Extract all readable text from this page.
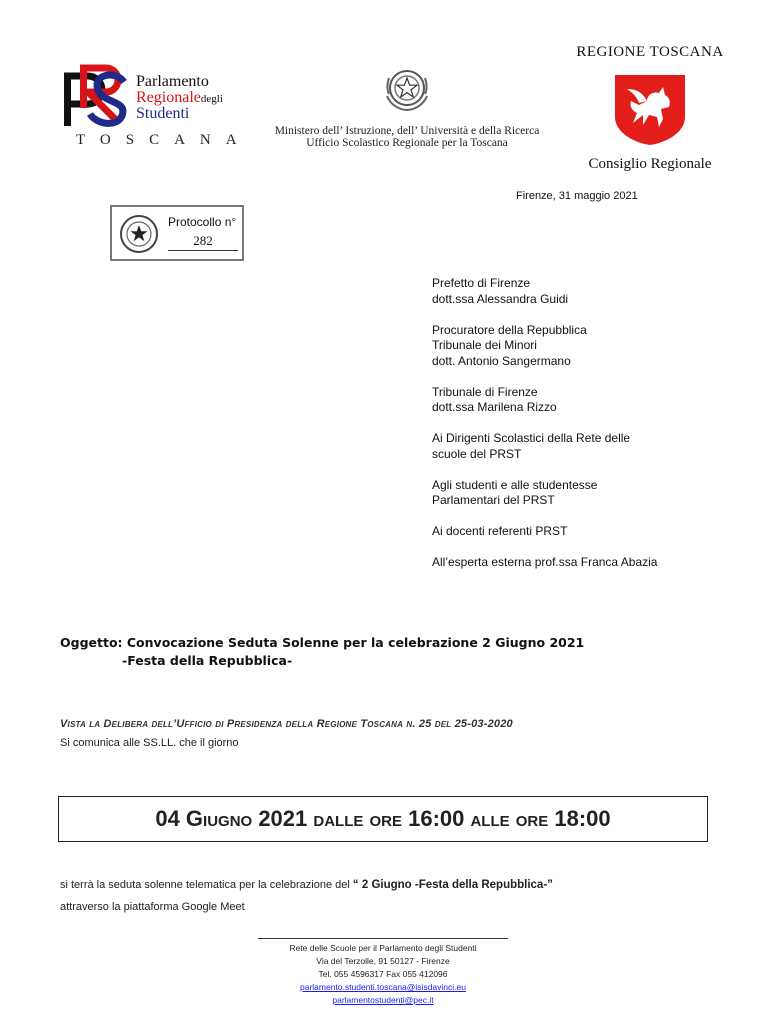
Parlamento
Regionaledegli
Studenti
TOSCANA
Ministero dell’ Istruzione, dell’ Università e della Ricerca
Ufficio Scolastico Regionale per la Toscana
REGIONE TOSCANA
Consiglio Regionale
Firenze, 31 maggio 2021
Protocollo n°
282
Prefetto di Firenze
dott.ssa Alessandra Guidi
Procuratore della Repubblica
Tribunale dei Minori
dott. Antonio Sangermano
Tribunale di Firenze
dott.ssa Marilena Rizzo
Ai Dirigenti Scolastici della Rete delle
scuole del PRST
Agli studenti e alle studentesse
Parlamentari del PRST
Ai docenti referenti PRST
All’esperta esterna prof.ssa Franca Abazia
Oggetto: Convocazione Seduta Solenne per la celebrazione 2 Giugno 2021
-Festa della Repubblica-
Vista la Delibera dell’Ufficio di Presidenza della Regione Toscana n. 25 del 25-03-2020
Si comunica alle SS.LL. che il giorno
04 Giugno 2021 dalle ore 16:00 alle ore 18:00
si terrà la seduta solenne telematica per la celebrazione del “ 2 Giugno -Festa della Repubblica-”
attraverso la piattaforma Google Meet
Rete delle Scuole per il Parlamento degli Studenti
Via del Terzolle, 91 50127 - Firenze
Tel. 055 4596317 Fax 055 412096
parlamento.studenti.toscana@isisdavinci.eu
parlamentostudenti@pec.it
